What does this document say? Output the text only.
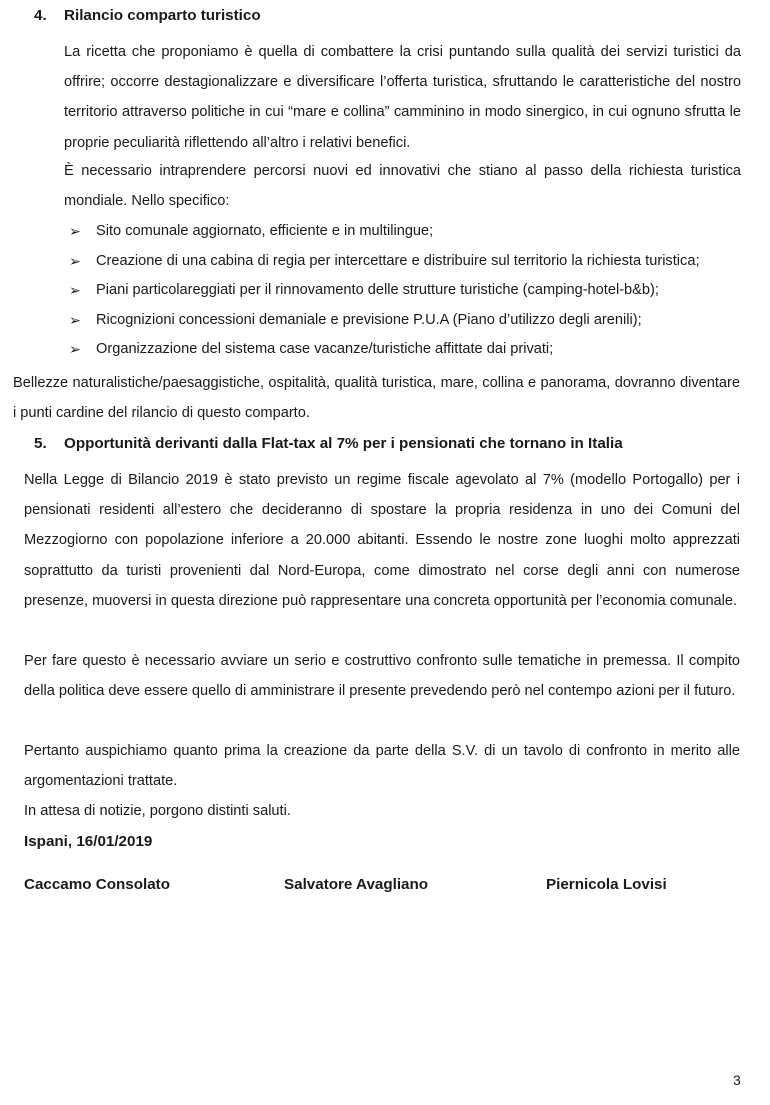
4. Rilancio comparto turistico

La ricetta che proponiamo è quella di combattere la crisi puntando sulla qualità dei servizi turistici da offrire; occorre destagionalizzare e diversificare l’offerta turistica, sfruttando le caratteristiche del nostro territorio attraverso politiche in cui “mare e collina” camminino in modo sinergico, in cui ognuno sfrutta le proprie peculiarità riflettendo all’altro i relativi benefici.

È necessario intraprendere percorsi nuovi ed innovativi che stiano al passo della richiesta turistica mondiale. Nello specifico:

➢ Sito comunale aggiornato, efficiente e in multilingue;
➢ Creazione di una cabina di regia per intercettare e distribuire sul territorio la richiesta turistica;
➢ Piani particolareggiati per il rinnovamento delle strutture turistiche (camping-hotel-b&b);
➢ Ricognizioni concessioni demaniale e previsione P.U.A (Piano d’utilizzo degli arenili);
➢ Organizzazione del sistema case vacanze/turistiche affittate dai privati;

Bellezze naturalistiche/paesaggistiche, ospitalità, qualità turistica, mare, collina e panorama, dovranno diventare i punti cardine del rilancio di questo comparto.

5. Opportunità derivanti dalla Flat-tax al 7% per i pensionati che tornano in Italia

Nella Legge di Bilancio 2019 è stato previsto un regime fiscale agevolato al 7% (modello Portogallo) per i pensionati residenti all’estero che decideranno di spostare la propria residenza in uno dei Comuni del Mezzogiorno con popolazione inferiore a 20.000 abitanti. Essendo le nostre zone luoghi molto apprezzati soprattutto da turisti provenienti dal Nord-Europa, come dimostrato nel corse degli anni con numerose presenze, muoversi in questa direzione può rappresentare una concreta opportunità per l’economia comunale.

Per fare questo è necessario avviare un serio e costruttivo confronto sulle tematiche in premessa. Il compito della politica deve essere quello di amministrare il presente prevedendo però nel contempo azioni per il futuro.

Pertanto auspichiamo quanto prima la creazione da parte della S.V. di un tavolo di confronto in merito alle argomentazioni trattate.

In attesa di notizie, porgono distinti saluti.

Ispani, 16/01/2019
Caccamo Consolato	Salvatore Avagliano	Piernicola Lovisi
3
